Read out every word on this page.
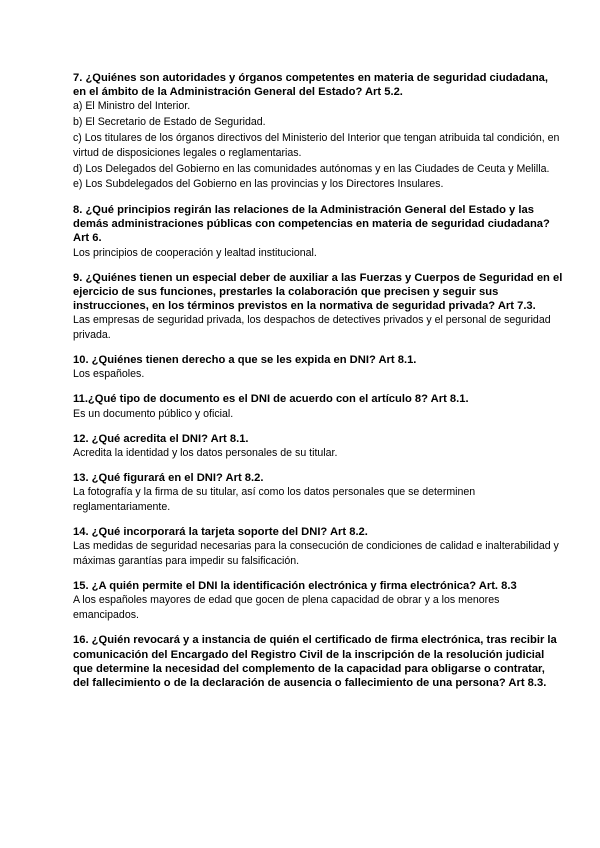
7. ¿Quiénes son autoridades y órganos competentes en materia de seguridad ciudadana, en el ámbito de la Administración General del Estado? Art 5.2.

a) El Ministro del Interior.

b) El Secretario de Estado de Seguridad.

c) Los titulares de los órganos directivos del Ministerio del Interior que tengan atribuida tal condición, en virtud de disposiciones legales o reglamentarias.

d) Los Delegados del Gobierno en las comunidades autónomas y en las Ciudades de Ceuta y Melilla.

e) Los Subdelegados del Gobierno en las provincias y los Directores Insulares.

8. ¿Qué principios regirán las relaciones de la Administración General del Estado y las demás administraciones públicas con competencias en materia de seguridad ciudadana? Art 6.

Los principios de cooperación y lealtad institucional.

9. ¿Quiénes tienen un especial deber de auxiliar a las Fuerzas y Cuerpos de Seguridad en el ejercicio de sus funciones, prestarles la colaboración que precisen y seguir sus instrucciones, en los términos previstos en la normativa de seguridad privada? Art 7.3.

Las empresas de seguridad privada, los despachos de detectives privados y el personal de seguridad privada.

10. ¿Quiénes tienen derecho a que se les expida en DNI? Art 8.1.

Los españoles.

11.¿Qué tipo de documento es el DNI de acuerdo con el artículo 8? Art 8.1.

Es un documento público y oficial.

12. ¿Qué acredita el DNI? Art 8.1.

Acredita la identidad y los datos personales de su titular.

13. ¿Qué figurará en el DNI? Art 8.2.

La fotografía y la firma de su titular, así como los datos personales que se determinen reglamentariamente.

14. ¿Qué incorporará la tarjeta soporte del DNI? Art 8.2.

Las medidas de seguridad necesarias para la consecución de condiciones de calidad e inalterabilidad y máximas garantías para impedir su falsificación.

15. ¿A quién permite el DNI la identificación electrónica y firma electrónica? Art. 8.3

A los españoles mayores de edad que gocen de plena capacidad de obrar y a los menores emancipados.

16. ¿Quién revocará y a instancia de quién el certificado de firma electrónica, tras recibir la comunicación del Encargado del Registro Civil de la inscripción de la resolución judicial que determine la necesidad del complemento de la capacidad para obligarse o contratar, del fallecimiento o de la declaración de ausencia o fallecimiento de una persona? Art 8.3.
